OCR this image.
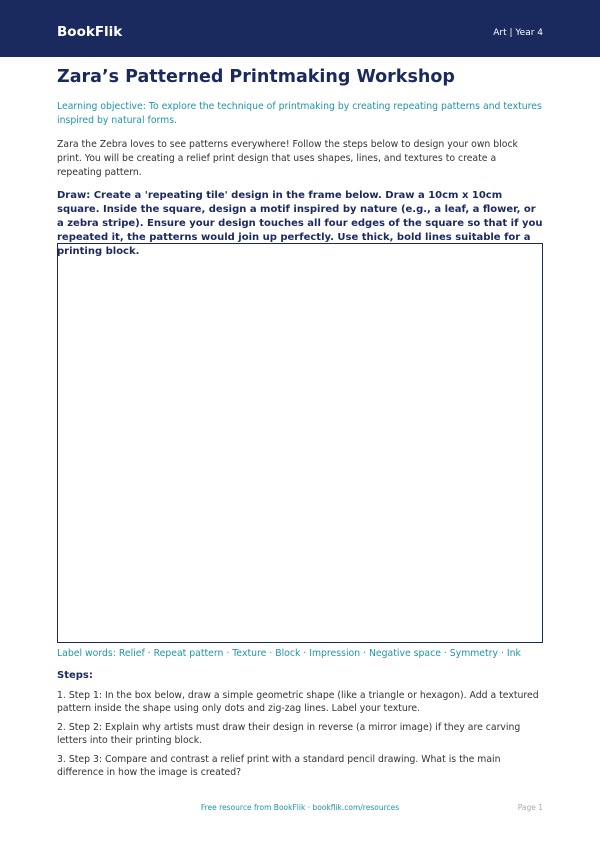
BookFlik	Art | Year 4
Zara’s Patterned Printmaking Workshop

Learning objective: To explore the technique of printmaking by creating repeating patterns and textures inspired by natural forms.

Zara the Zebra loves to see patterns everywhere! Follow the steps below to design your own block print. You will be creating a relief print design that uses shapes, lines, and textures to create a repeating pattern.

Draw: Create a 'repeating tile' design in the frame below. Draw a 10cm x 10cm square. Inside the square, design a motif inspired by nature (e.g., a leaf, a flower, or a zebra stripe). Ensure your design touches all four edges of the square so that if you repeated it, the patterns would join up perfectly. Use thick, bold lines suitable for a printing block.

Label words: Relief · Repeat pattern · Texture · Block · Impression · Negative space · Symmetry · Ink

Steps:

1. Step 1: In the box below, draw a simple geometric shape (like a triangle or hexagon). Add a textured pattern inside the shape using only dots and zig-zag lines. Label your texture.

2. Step 2: Explain why artists must draw their design in reverse (a mirror image) if they are carving letters into their printing block.

3. Step 3: Compare and contrast a relief print with a standard pencil drawing. What is the main difference in how the image is created?

Free resource from BookFlik · bookflik.com/resources	Page 1
